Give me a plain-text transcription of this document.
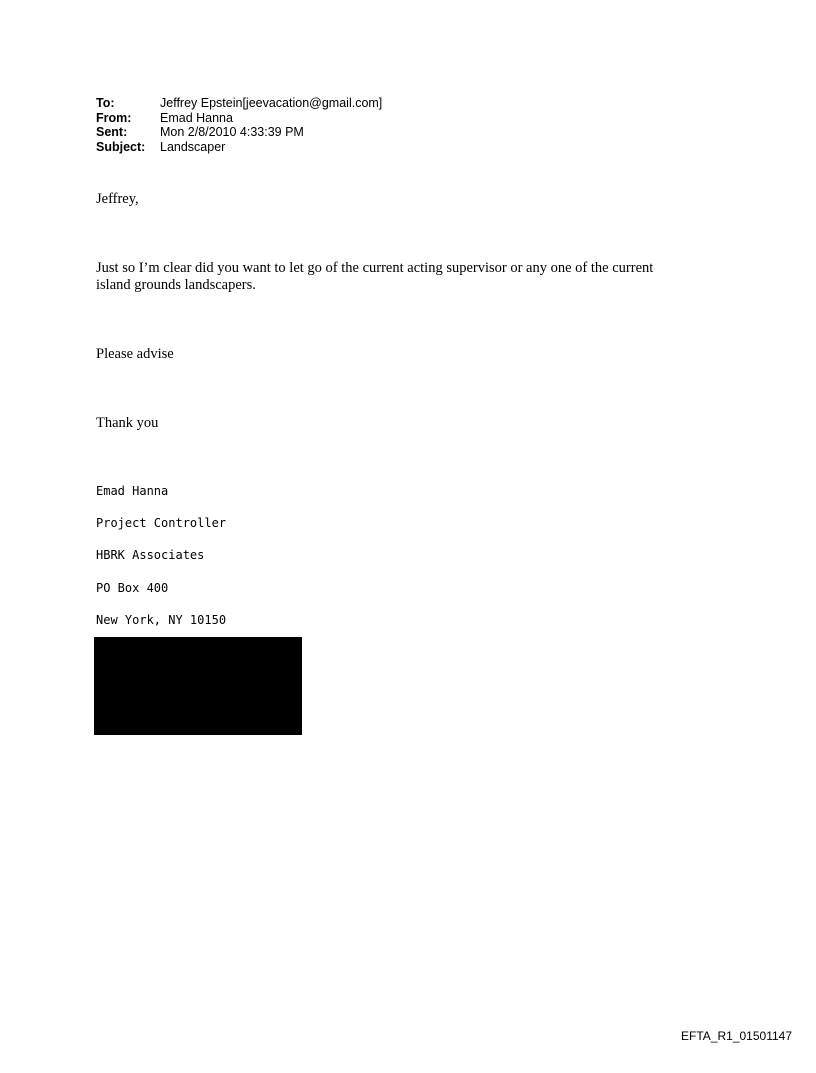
To:	Jeffrey Epstein[jeevacation@gmail.com]
From:	Emad Hanna
Sent:	Mon 2/8/2010 4:33:39 PM
Subject:	Landscaper
Jeffrey,
Just so I’m clear did you want to let go of the current acting supervisor or any one of the current
island grounds landscapers.
Please advise
Thank you
Emad Hanna
Project Controller
HBRK Associates
PO Box 400
New York, NY 10150
EFTA_R1_01501147
